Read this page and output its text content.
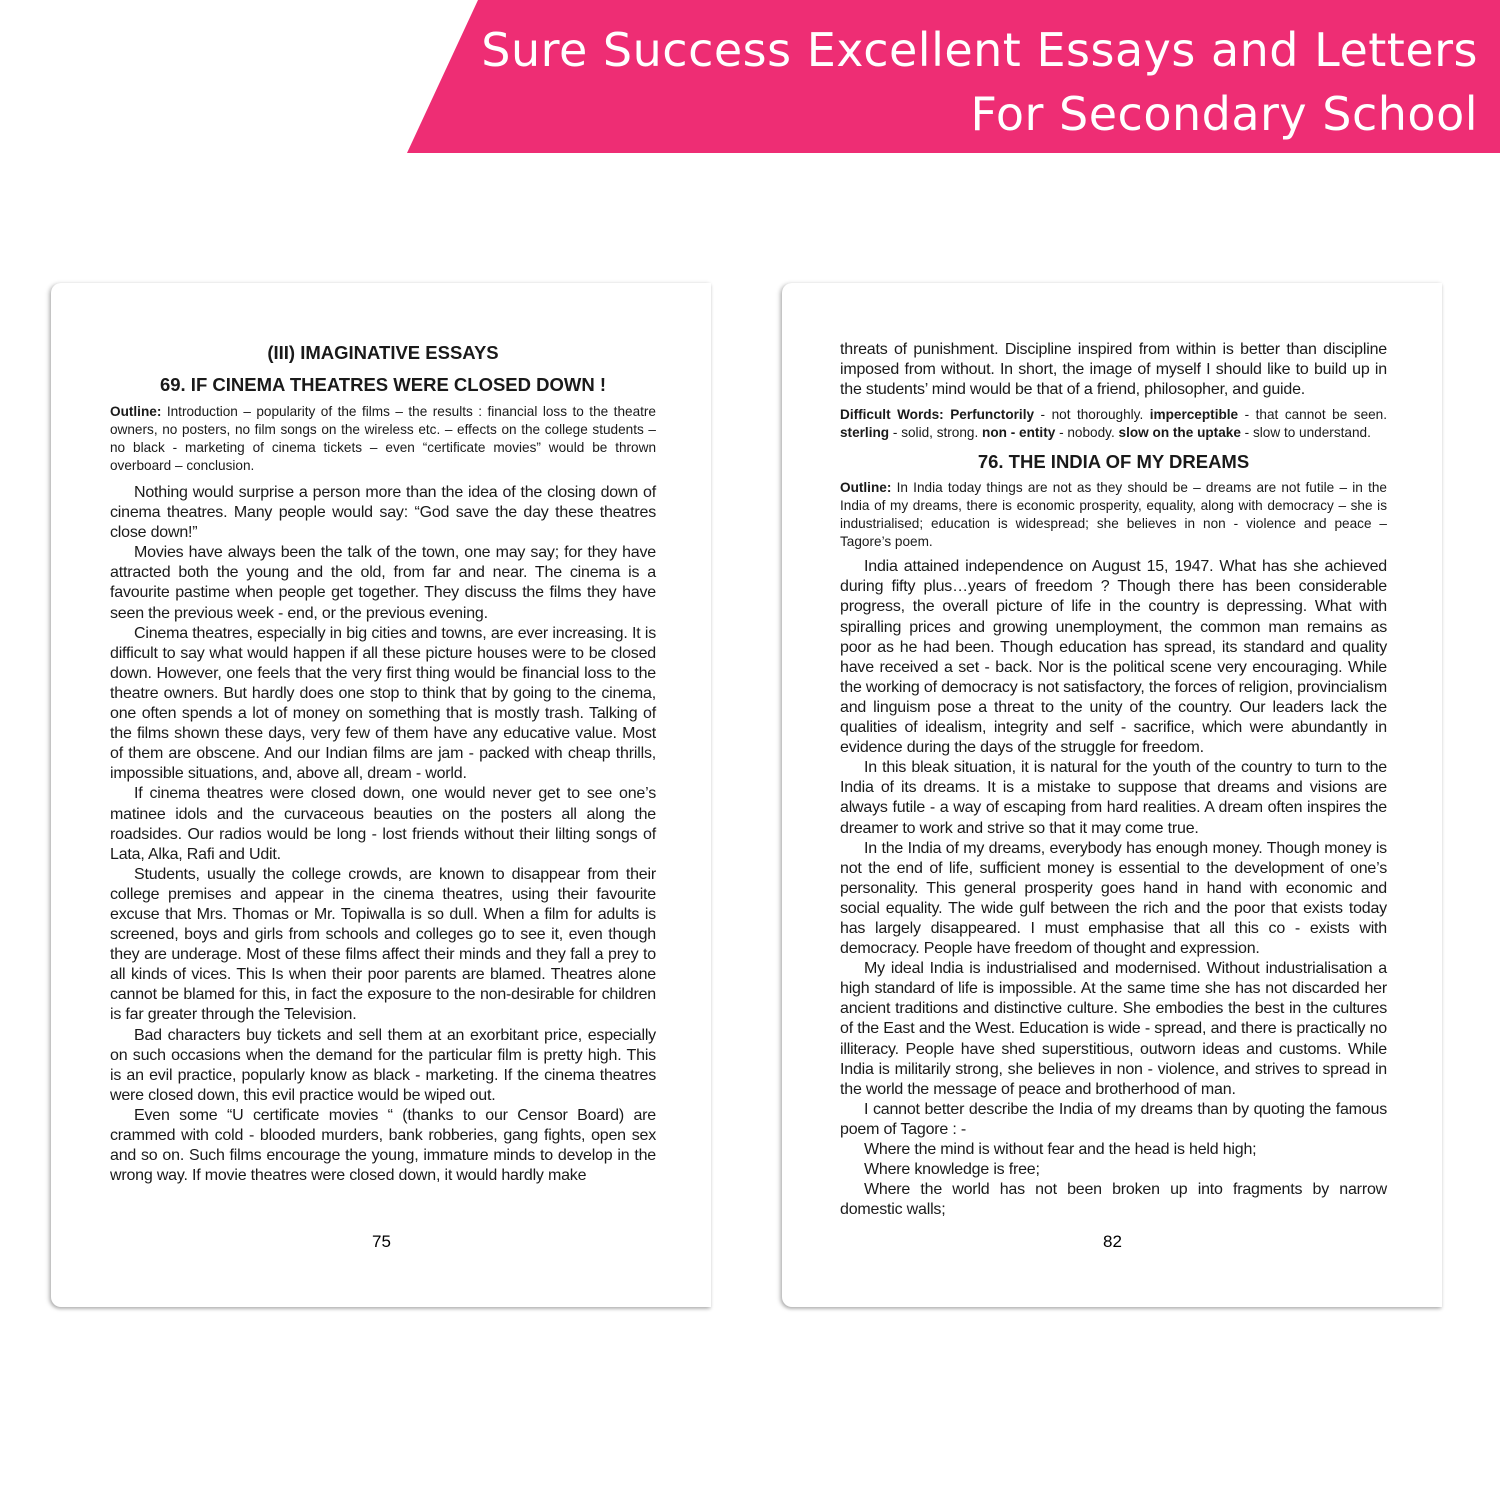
Sure Success Excellent Essays and Letters
For Secondary School
(III) IMAGINATIVE ESSAYS
69. IF CINEMA THEATRES WERE CLOSED DOWN !

Outline: Introduction – popularity of the films – the results : financial loss to the theatre owners, no posters, no film songs on the wireless etc. – effects on the college students – no black - marketing of cinema tickets – even “certificate movies” would be thrown overboard – conclusion.

Nothing would surprise a person more than the idea of the closing down of cinema theatres. Many people would say: “God save the day these theatres close down!”

Movies have always been the talk of the town, one may say; for they have attracted both the young and the old, from far and near. The cinema is a favourite pastime when people get together. They discuss the films they have seen the previous week - end, or the previous evening.

Cinema theatres, especially in big cities and towns, are ever increasing. It is difficult to say what would happen if all these picture houses were to be closed down. However, one feels that the very first thing would be financial loss to the theatre owners. But hardly does one stop to think that by going to the cinema, one often spends a lot of money on something that is mostly trash. Talking of the films shown these days, very few of them have any educative value. Most of them are obscene. And our Indian films are jam - packed with cheap thrills, impossible situations, and, above all, dream - world.

If cinema theatres were closed down, one would never get to see one’s matinee idols and the curvaceous beauties on the posters all along the roadsides. Our radios would be long - lost friends without their lilting songs of Lata, Alka, Rafi and Udit.

Students, usually the college crowds, are known to disappear from their college premises and appear in the cinema theatres, using their favourite excuse that Mrs. Thomas or Mr. Topiwalla is so dull. When a film for adults is screened, boys and girls from schools and colleges go to see it, even though they are underage. Most of these films affect their minds and they fall a prey to all kinds of vices. This Is when their poor parents are blamed. Theatres alone cannot be blamed for this, in fact the exposure to the non-desirable for children is far greater through the Television.

Bad characters buy tickets and sell them at an exorbitant price, especially on such occasions when the demand for the particular film is pretty high. This is an evil practice, popularly know as black - marketing. If the cinema theatres were closed down, this evil practice would be wiped out.

Even some “U certificate movies “ (thanks to our Censor Board) are crammed with cold - blooded murders, bank robberies, gang fights, open sex and so on. Such films encourage the young, immature minds to develop in the wrong way. If movie theatres were closed down, it would hardly make

75

threats of punishment. Discipline inspired from within is better than discipline imposed from without. In short, the image of myself I should like to build up in the students’ mind would be that of a friend, philosopher, and guide.

Difficult Words: Perfunctorily - not thoroughly. imperceptible - that cannot be seen. sterling - solid, strong. non - entity - nobody. slow on the uptake - slow to understand.

76. THE INDIA OF MY DREAMS

Outline: In India today things are not as they should be – dreams are not futile – in the India of my dreams, there is economic prosperity, equality, along with democracy – she is industrialised; education is widespread; she believes in non - violence and peace – Tagore’s poem.

India attained independence on August 15, 1947. What has she achieved during fifty plus…years of freedom ? Though there has been considerable progress, the overall picture of life in the country is depressing. What with spiralling prices and growing unemployment, the common man remains as poor as he had been. Though education has spread, its standard and quality have received a set - back. Nor is the political scene very encouraging. While the working of democracy is not satisfactory, the forces of religion, provincialism and linguism pose a threat to the unity of the country. Our leaders lack the qualities of idealism, integrity and self - sacrifice, which were abundantly in evidence during the days of the struggle for freedom.

In this bleak situation, it is natural for the youth of the country to turn to the India of its dreams. It is a mistake to suppose that dreams and visions are always futile - a way of escaping from hard realities. A dream often inspires the dreamer to work and strive so that it may come true.

In the India of my dreams, everybody has enough money. Though money is not the end of life, sufficient money is essential to the development of one’s personality. This general prosperity goes hand in hand with economic and social equality. The wide gulf between the rich and the poor that exists today has largely disappeared. I must emphasise that all this co - exists with democracy. People have freedom of thought and expression.

My ideal India is industrialised and modernised. Without industrialisation a high standard of life is impossible. At the same time she has not discarded her ancient traditions and distinctive culture. She embodies the best in the cultures of the East and the West. Education is wide - spread, and there is practically no illiteracy. People have shed superstitious, outworn ideas and customs. While India is militarily strong, she believes in non - violence, and strives to spread in the world the message of peace and brotherhood of man.

I cannot better describe the India of my dreams than by quoting the famous poem of Tagore : -

Where the mind is without fear and the head is held high;

Where knowledge is free;

Where the world has not been broken up into fragments by narrow domestic walls;

82
